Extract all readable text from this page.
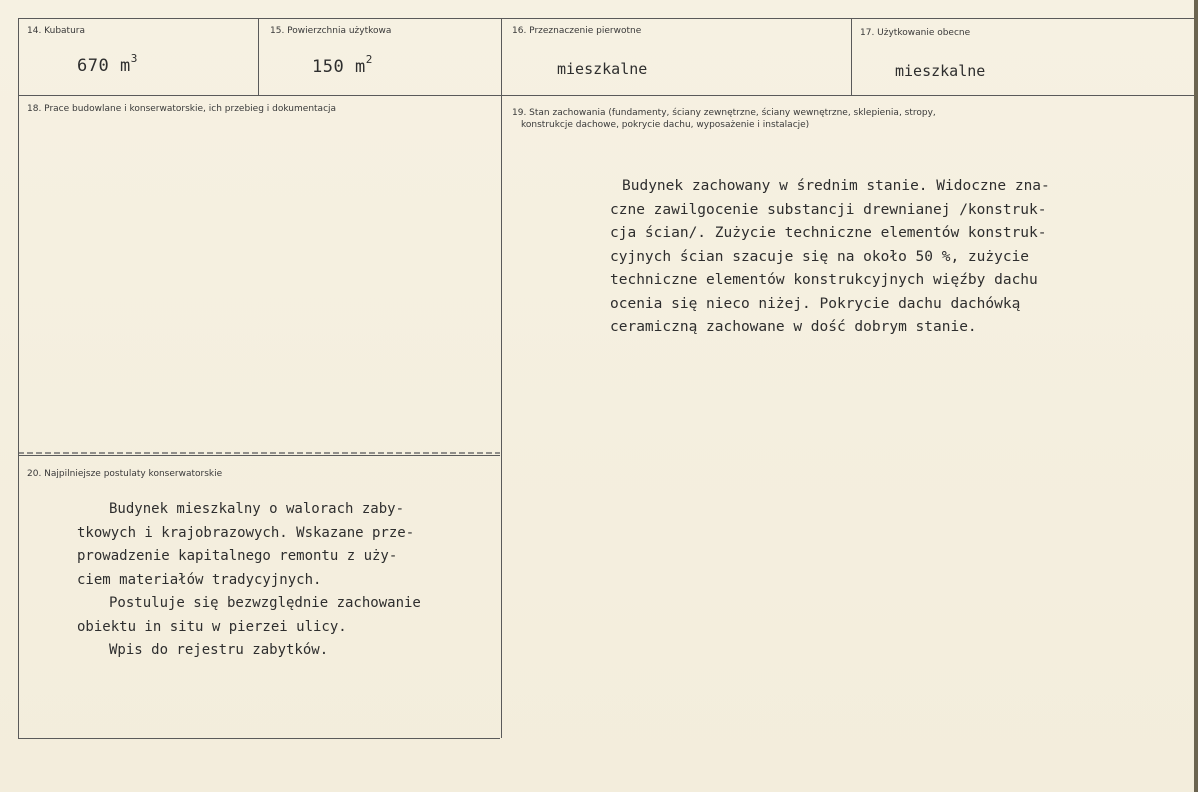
14. Kubatura
670 $m^3$
15. Powierzchnia użytkowa
150 $m^2$
16. Przeznaczenie pierwotne
mieszkalne
17. Użytkowanie obecne
mieszkalne
18. Prace budowlane i konserwatorskie, ich przebieg i dokumentacja	19. Stan zachowania (fundamenty, ściany zewnętrzne, ściany wewnętrzne, sklepienia, stropy,
konstrukcje dachowe, pokrycie dachu, wyposażenie i instalacje)
Budynek zachowany w średnim stanie. Widoczne zna-
czne zawilgocenie substancji drewnianej /konstruk-
cja ścian/. Zużycie techniczne elementów konstruk-
cyjnych ścian szacuje się na około 50 %, zużycie
techniczne elementów konstrukcyjnych więźby dachu
ocenia się nieco niżej. Pokrycie dachu dachówką
ceramiczną zachowane w dość dobrym stanie.
20. Najpilniejsze postulaty konserwatorskie
Budynek mieszkalny o walorach zaby-
tkowych i krajobrazowych. Wskazane prze-
prowadzenie kapitalnego remontu z uży-
ciem materiałów tradycyjnych.
Postuluje się bezwzględnie zachowanie
obiektu in situ w pierzei ulicy.
Wpis do rejestru zabytków.
